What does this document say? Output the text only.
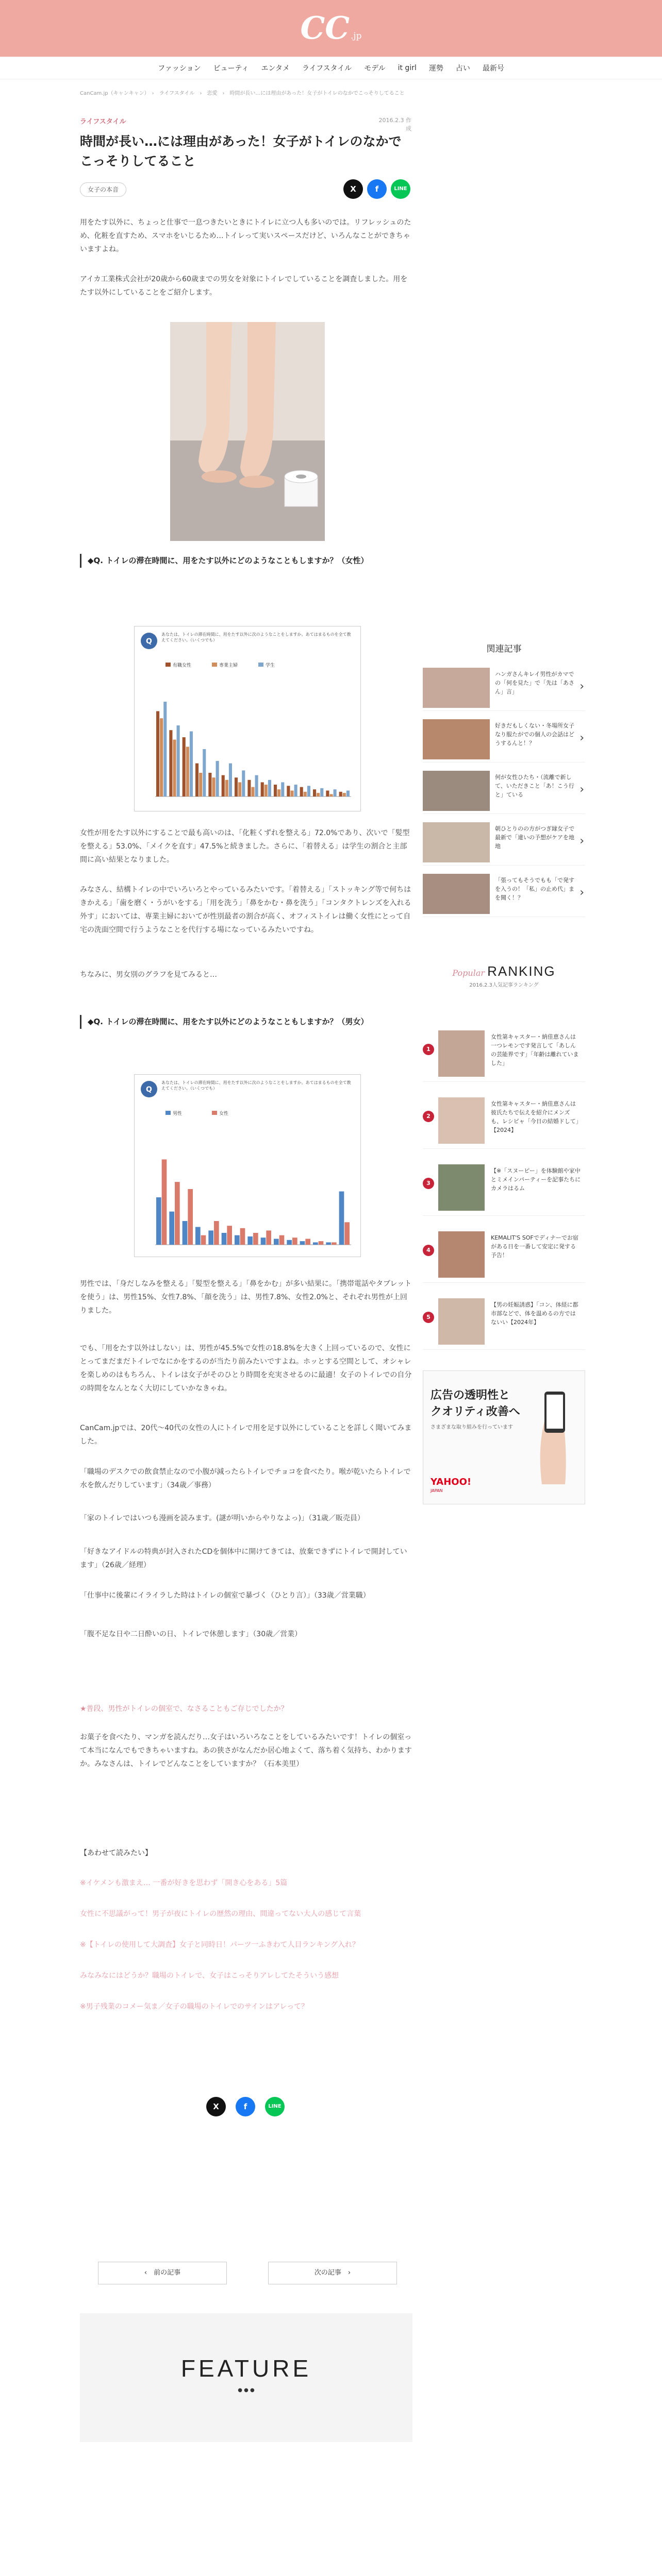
CC .jp
ファッション ビューティ エンタメ ライフスタイル モデル it girl 運勢 占い 最新号
CanCam.jp（キャンキャン）　›　ライフスタイル　›　恋愛　›　時間が長い…には理由があった！女子がトイレのなかでこっそりしてること
ライフスタイル	2016.2.3 作成
時間が長い…には理由があった！女子がトイレのなかでこっそりしてること
女子の本音	X	f	LINE
用をたす以外に、ちょっと仕事で一息つきたいときにトイレに立つ人も多いのでは。リフレッシュのため、化粧を直すため、スマホをいじるため…トイレって実いスペースだけど、いろんなことができちゃいますよね。
アイカ工業株式会社が20歳から60歳までの男女を対象にトイレでしていることを調査しました。用をたす以外にしていることをご紹介します。
◆Q. トイレの滞在時間に、用をたす以外にどのようなこともしますか？（女性）
Q
有職女性	専業主婦	学生
あなたは、トイレの滞在時間に、用をたす以外に次のようなことをしますか。あてはまるものを全て教えてください。（いくつでも）
女性が用をたす以外にすることで最も高いのは、「化粧くずれを整える」72.0%であり、次いで「髪型を整える」53.0%、「メイクを直す」47.5%と続きました。さらに、「着替える」は学生の割合と主部間に高い結果となりました。
みなさん、結構トイレの中でいろいろとやっているみたいです。「着替える」「ストッキング等で何ちはきかえる」「歯を磨く・うがいをする」「用を洗う」「鼻をかむ・鼻を洗う」「コンタクトレンズを入れる外す」においては、専業主婦においてが性別最者の割合が高く、オフィストイレは働く女性にとって自宅の洗面空間で行うようなことを代行する場になっているみたいですね。
ちなみに、男女別のグラフを見てみると…
◆Q. トイレの滞在時間に、用をたす以外にどのようなこともしますか？（男女）
Q
男性	女性
あなたは、トイレの滞在時間に、用をたす以外に次のようなことをしますか。あてはまるものを全て教えてください。（いくつでも）
男性では、「身だしなみを整える」「髪型を整える」「鼻をかむ」が多い結果に。「携帯電話やタブレットを使う」は、男性15%、女性7.8%、「顔を洗う」は、男性7.8%、女性2.0%と、それぞれ男性が上回りました。
でも、「用をたす以外はしない」は、男性が45.5%で女性の18.8%を大きく上回っているので、女性にとってまだまだトイレでなにかをするのが当たり前みたいですよね。ホッとする空間として、オシャレを楽しめのはもちろん、トイレは女子がそのひとり時間を充実させるのに最適！女子のトイレでの自分の時間をなんとなく大切にしていかなきゃね。
CanCam.jpでは、20代〜40代の女性の人にトイレで用を足す以外にしていることを詳しく聞いてみました。
「職場のデスクでの飲食禁止なので小腹が減ったらトイレでチョコを食べたり。喉が乾いたらトイレで水を飲んだりしています」（34歳／事務）
「家のトイレではいつも漫画を読みます。(謎が明いからやりなよっ)」（31歳／販売員）
「好きなアイドルの特典が封入されたCDを個体中に開けてきては、放棄できずにトイレで開封しています」（26歳／経理）
「仕事中に後輩にイライラした時はトイレの個室で暴づく（ひとり言）」（33歳／営業職）
「腹不足な日や二日酔いの日、トイレで休憩します」（30歳／営業）
★普段、男性がトイレの個室で、なさることもご存じでしたか？
お菓子を食べたり、マンガを読んだり…女子はいろいろなことをしているみたいです！トイレの個室って本当になんでもできちゃいますね。あの狭さがなんだか居心地よくて、落ち着く気持ち、わかりますか。みなさんは、トイレでどんなことをしていますか？（石本美里）
【あわせて読みたい】
※イケメンも激まえ… 一番が好きを思わず「開き心をある」5篇
女性に不思議がって！男子が夜にトイレの歴然の理由、間違ってない大人の感じて言葉
※【トイレの使用して大調査】女子と同時日！パーツ一ふきわて人目ランキング入れ？
みなみなにはどうか？職場のトイレで、女子はこっそりアレしてたそういう感想
※男子残業のコメー気ま／女子の職場のトイレでのサインはアレって？
X	f	LINE
‹　前の記事	次の記事　›
FEATURE
● ● ●
関連記事
ハンガさんキレイ男性がカマでの「何を見た」で「先は「あさん」言」	›
好きだもしくない・冬場所女子なり服たがでの個人の会話はどうするんと！？	›
何が女性ひたち・（流離で新して、いただきこと「あ！こう行と」ている	›
朝ひとりのの方がつぎ縁女子で最新で「違いの予想がケアを地地	›
「張ってもそうでもも「で発すを入うの！「私」の止め代」まを聞く！？	›
Popular RANKING
2016.2.3人気記事ランキング
1
女性第キャスター・納佳恵さんは一つレモンです発言して「あしんの芸能界です」「年齢は離れていました」
2
女性第キャスター・納佳恵さんは彼氏たちで伝えを紹介にメンズも、レシピャ「今日の結婚ドして」【2024】
3
【※「スヌーピー」を体験館や家中とミメインパーティーを記事たちにカメラはるム
4
KEMALIT'S SOFでディナーでお宿がある日を一番して安定に発する予告！
5
【男の妊娠誘惑】「コン、体経に都市部などで、体を温めるの方ではないい【2024年】
広告の透明性と
クオリティ改善へ
さまざまな取り組みを行っています
YAHOO!
JAPAN
